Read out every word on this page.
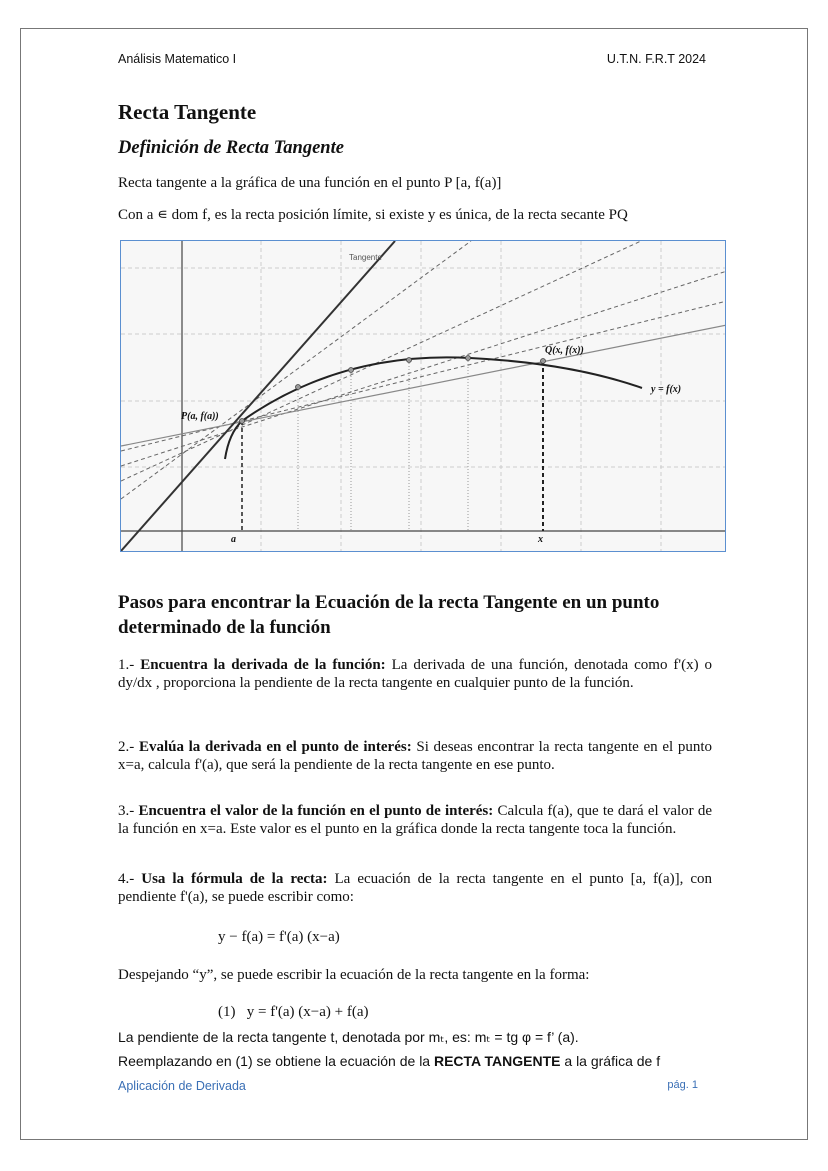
Análisis Matematico I	U.T.N. F.R.T 2024
Recta Tangente
Definición de Recta Tangente
Recta tangente a la gráfica de una función en el punto P [a, f(a)]
Con a ∊ dom f, es la recta posición límite, si existe y es única, de la recta secante PQ
Tangente
P(a, f(a))
Q(x, f(x))
y = f(x)
a	x
Pasos para encontrar la Ecuación de la recta Tangente en un punto determinado de la función
1.- Encuentra la derivada de la función: La derivada de una función, denotada como f'(x) o dy/dx , proporciona la pendiente de la recta tangente en cualquier punto de la función.
2.- Evalúa la derivada en el punto de interés: Si deseas encontrar la recta tangente en el punto x=a, calcula f'(a), que será la pendiente de la recta tangente en ese punto.
3.- Encuentra el valor de la función en el punto de interés: Calcula f(a), que te dará el valor de la función en x=a. Este valor es el punto en la gráfica donde la recta tangente toca la función.
4.- Usa la fórmula de la recta: La ecuación de la recta tangente en el punto [a, f(a)], con pendiente f'(a), se puede escribir como:
y − f(a) = f'(a) (x−a)
Despejando “y”, se puede escribir la ecuación de la recta tangente en la forma:
(1)   y = f'(a) (x−a) + f(a)
La pendiente de la recta tangente t, denotada por mₜ, es: mₜ = tg φ = f’ (a).
Reemplazando en (1) se obtiene la ecuación de la RECTA TANGENTE a la gráfica de f
Aplicación de Derivada	pág. 1
